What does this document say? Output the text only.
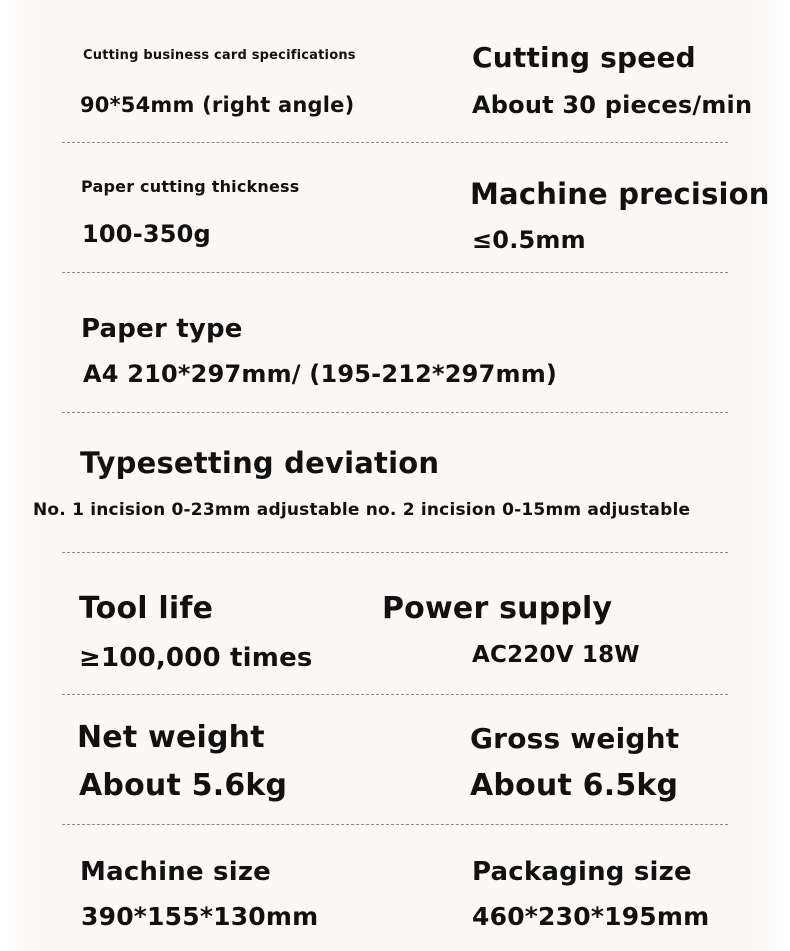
Cutting business card specifications
90*54mm (right angle)
Cutting speed
About 30 pieces/min
Paper cutting thickness
100-350g
Machine precision
≤0.5mm
Paper type
A4 210*297mm/ (195-212*297mm)
Typesetting deviation
No. 1 incision 0-23mm adjustable no. 2 incision 0-15mm adjustable
Tool life
≥100,000 times
Power supply
AC220V 18W
Net weight
About 5.6kg
Gross weight
About 6.5kg
Machine size
390*155*130mm
Packaging size
460*230*195mm
